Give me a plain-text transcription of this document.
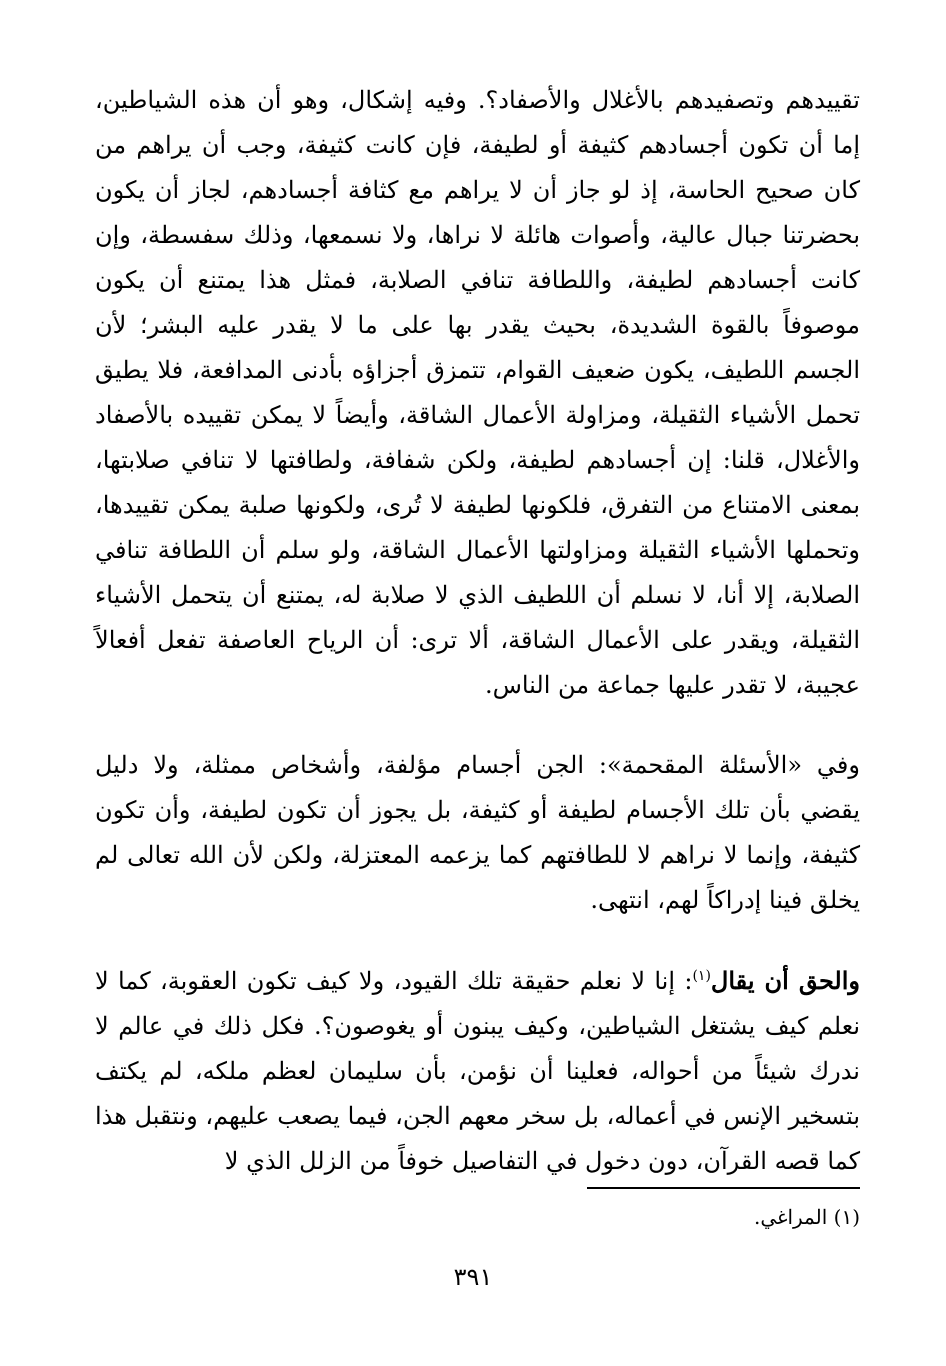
تقييدهم وتصفيدهم بالأغلال والأصفاد؟. وفيه إشكال، وهو أن هذه الشياطين، إما أن تكون أجسادهم كثيفة أو لطيفة، فإن كانت كثيفة، وجب أن يراهم من كان صحيح الحاسة، إذ لو جاز أن لا يراهم مع كثافة أجسادهم، لجاز أن يكون بحضرتنا جبال عالية، وأصوات هائلة لا نراها، ولا نسمعها، وذلك سفسطة، وإن كانت أجسادهم لطيفة، واللطافة تنافي الصلابة، فمثل هذا يمتنع أن يكون موصوفاً بالقوة الشديدة، بحيث يقدر بها على ما لا يقدر عليه البشر؛ لأن الجسم اللطيف، يكون ضعيف القوام، تتمزق أجزاؤه بأدنى المدافعة، فلا يطيق تحمل الأشياء الثقيلة، ومزاولة الأعمال الشاقة، وأيضاً لا يمكن تقييده بالأصفاد والأغلال، قلنا: إن أجسادهم لطيفة، ولكن شفافة، ولطافتها لا تنافي صلابتها، بمعنى الامتناع من التفرق، فلكونها لطيفة لا تُرى، ولكونها صلبة يمكن تقييدها، وتحملها الأشياء الثقيلة ومزاولتها الأعمال الشاقة، ولو سلم أن اللطافة تنافي الصلابة، إلا أنا، لا نسلم أن اللطيف الذي لا صلابة له، يمتنع أن يتحمل الأشياء الثقيلة، ويقدر على الأعمال الشاقة، ألا ترى: أن الرياح العاصفة تفعل أفعالاً عجيبة، لا تقدر عليها جماعة من الناس.

وفي «الأسئلة المقحمة»: الجن أجسام مؤلفة، وأشخاص ممثلة، ولا دليل يقضي بأن تلك الأجسام لطيفة أو كثيفة، بل يجوز أن تكون لطيفة، وأن تكون كثيفة، وإنما لا نراهم لا للطافتهم كما يزعمه المعتزلة، ولكن لأن الله تعالى لم يخلق فينا إدراكاً لهم، انتهى.

والحق أن يقال$^{(١)}$: إنا لا نعلم حقيقة تلك القيود، ولا كيف تكون العقوبة، كما لا نعلم كيف يشتغل الشياطين، وكيف يبنون أو يغوصون؟. فكل ذلك في عالم لا ندرك شيئاً من أحواله، فعلينا أن نؤمن، بأن سليمان لعظم ملكه، لم يكتف بتسخير الإنس في أعماله، بل سخر معهم الجن، فيما يصعب عليهم، ونتقبل هذا كما قصه القرآن، دون دخول في التفاصيل خوفاً من الزلل الذي لا

(١) المراغي.
٣٩١
